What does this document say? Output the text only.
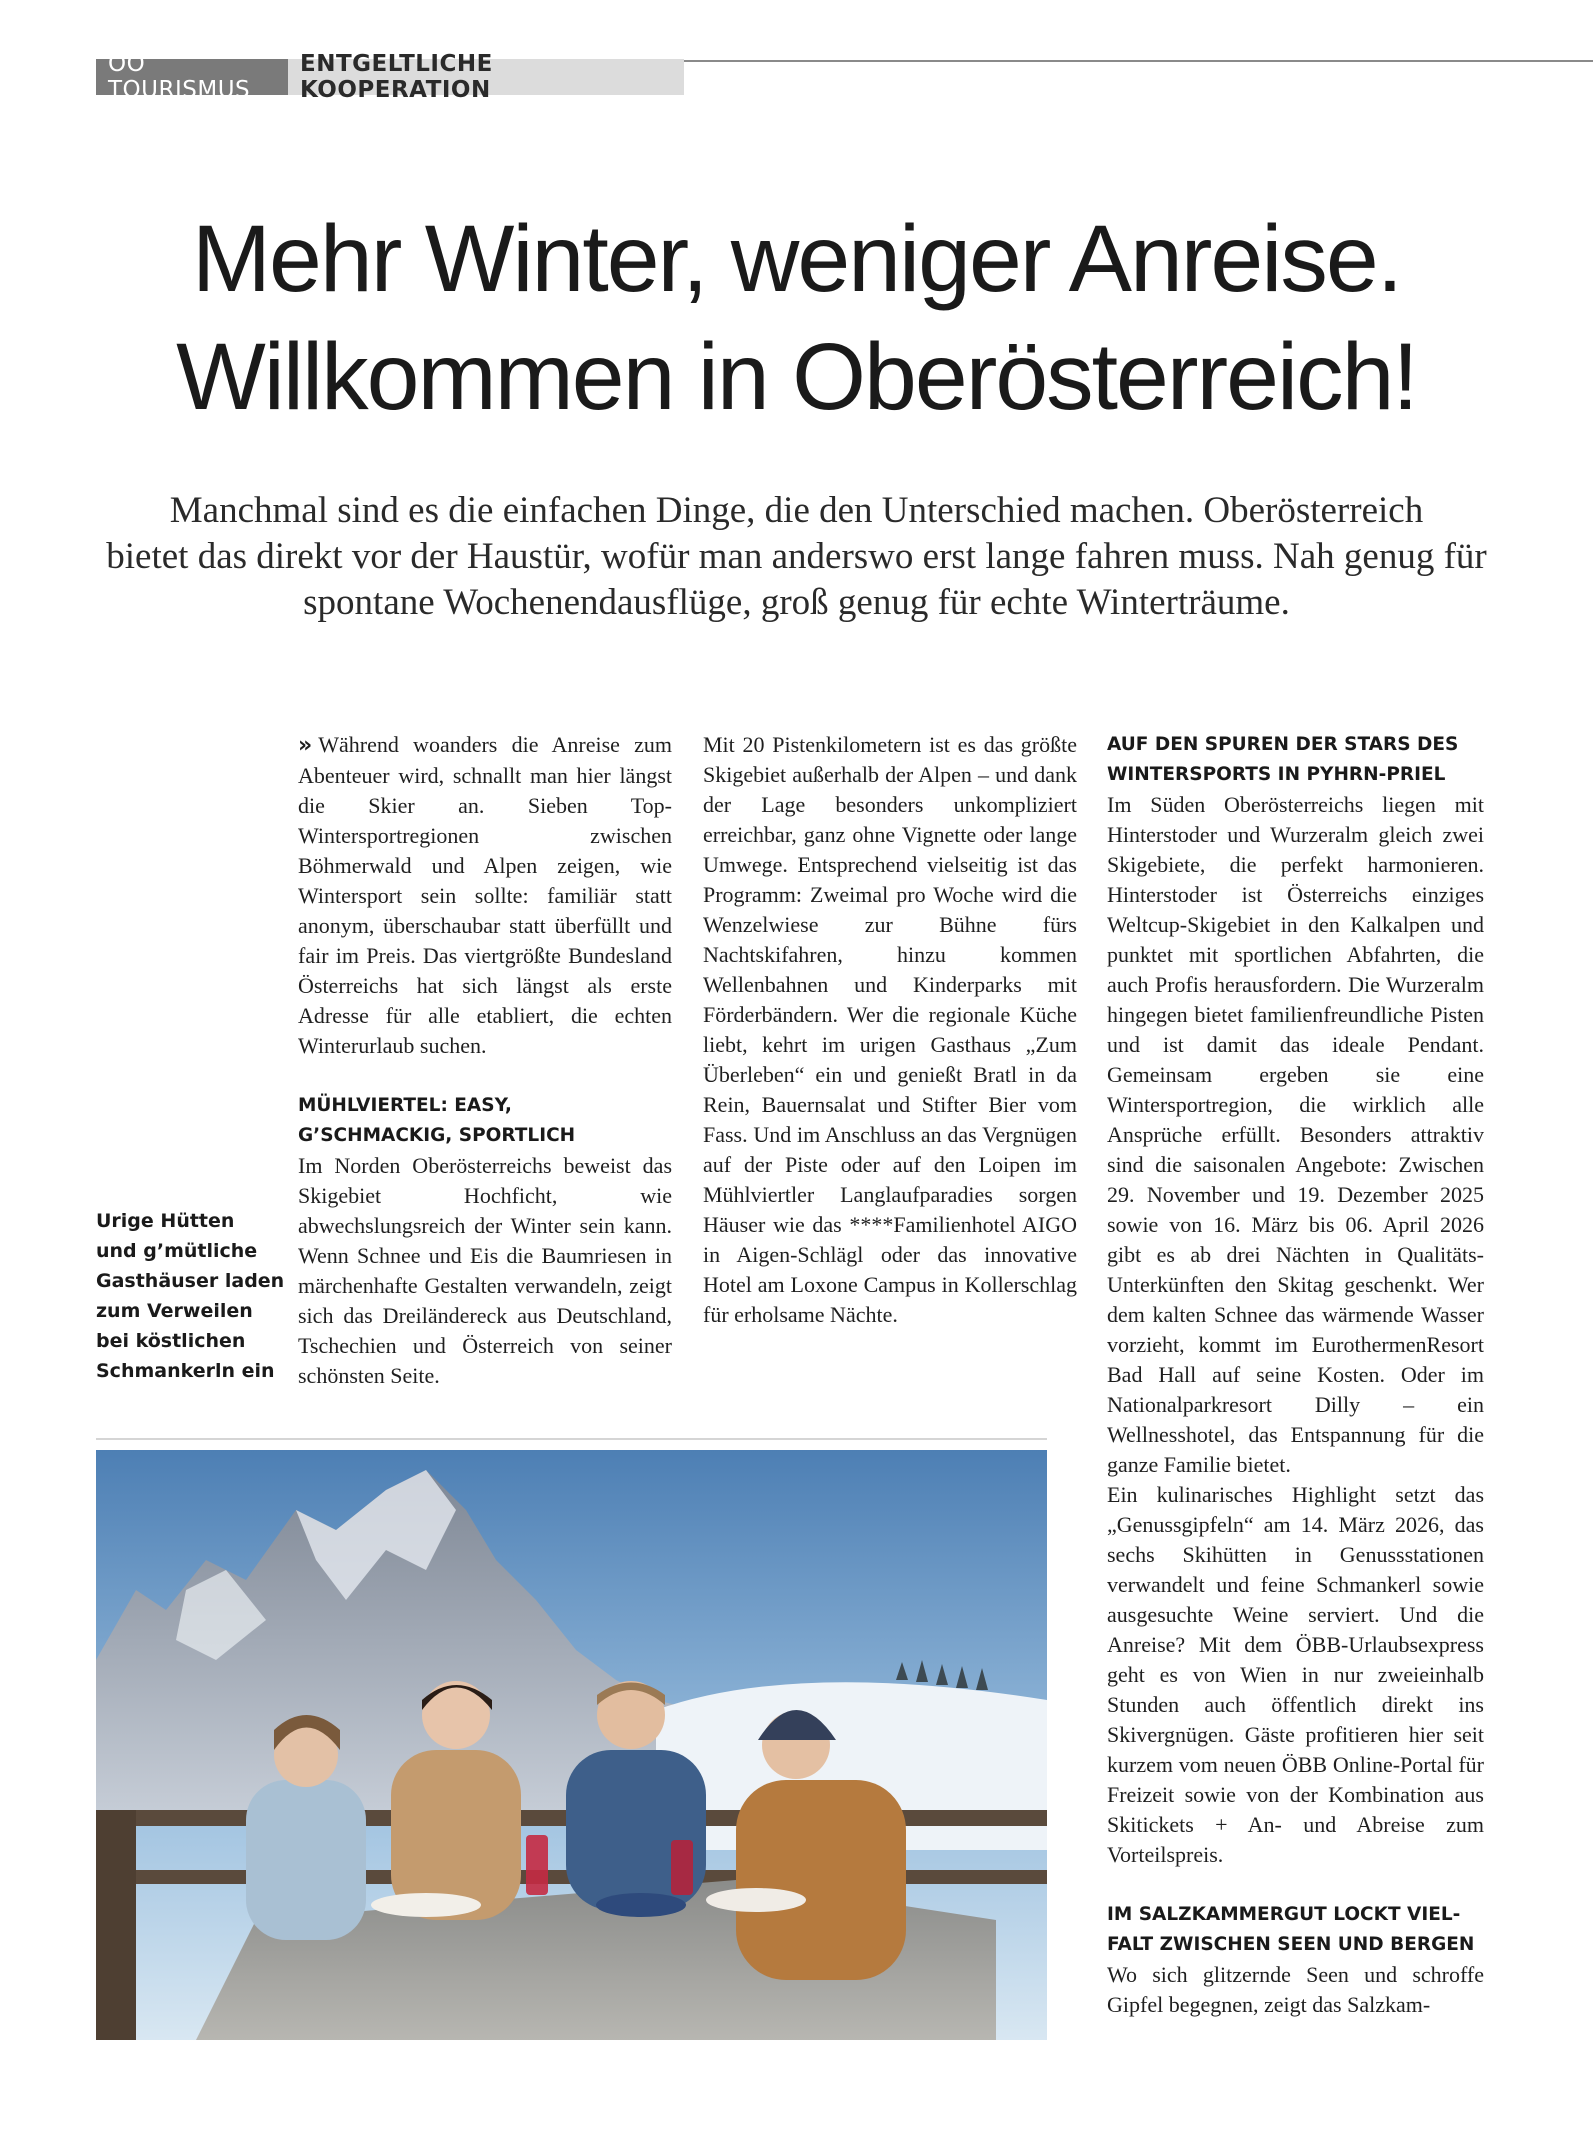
OÖ TOURISMUS
ENTGELTLICHE KOOPERATION
Mehr Winter, weniger Anreise.
Willkommen in Oberösterreich!
Manchmal sind es die einfachen Dinge, die den Unterschied machen. Oberösterreich
bietet das direkt vor der Haustür, wofür man anderswo erst lange fahren muss. Nah genug für
spontane Wochenendausflüge, groß genug für echte Winterträume.

» Während woanders die Anreise zum Abenteuer wird, schnallt man hier längst die Skier an. Sieben Top-Wintersportregionen zwischen Böhmerwald und Alpen zeigen, wie Wintersport sein sollte: familiär statt anonym, überschaubar statt überfüllt und fair im Preis. Das viertgrößte Bundesland Österreichs hat sich längst als erste Adresse für alle etabliert, die echten Winterurlaub suchen.

MÜHLVIERTEL: EASY,
G’SCHMACKIG, SPORTLICH

Im Norden Oberösterreichs beweist das Skigebiet Hochficht, wie abwechslungsreich der Winter sein kann. Wenn Schnee und Eis die Baumriesen in märchenhafte Gestalten verwandeln, zeigt sich das Dreiländereck aus Deutschland, Tschechien und Österreich von seiner schönsten Seite.

Mit 20 Pistenkilometern ist es das größte Skigebiet außerhalb der Alpen – und dank der Lage besonders unkompliziert erreichbar, ganz ohne Vignette oder lange Umwege. Entsprechend vielseitig ist das Programm: Zweimal pro Woche wird die Wenzelwiese zur Bühne fürs Nachtskifahren, hinzu kommen Wellenbahnen und Kinderparks mit Förderbändern. Wer die regionale Küche liebt, kehrt im urigen Gasthaus „Zum Überleben“ ein und genießt Bratl in da Rein, Bauernsalat und Stifter Bier vom Fass. Und im Anschluss an das Vergnügen auf der Piste oder auf den Loipen im Mühlviertler Langlaufparadies sorgen Häuser wie das ****Familienhotel AIGO in Aigen-Schlägl oder das innovative Hotel am Loxone Campus in Kollerschlag für erholsame Nächte.

AUF DEN SPUREN DER STARS DES
WINTERSPORTS IN PYHRN-PRIEL

Im Süden Oberösterreichs liegen mit Hinterstoder und Wurzeralm gleich zwei Skigebiete, die perfekt harmonieren. Hinterstoder ist Österreichs einziges Weltcup-Skigebiet in den Kalkalpen und punktet mit sportlichen Abfahrten, die auch Profis herausfordern. Die Wurzeralm hingegen bietet familienfreundliche Pisten und ist damit das ideale Pendant. Gemeinsam ergeben sie eine Wintersportregion, die wirklich alle Ansprüche erfüllt. Besonders attraktiv sind die saisonalen Angebote: Zwischen 29. November und 19. Dezember 2025 sowie von 16. März bis 06. April 2026 gibt es ab drei Nächten in Qualitäts-Unterkünften den Skitag geschenkt. Wer dem kalten Schnee das wärmende Wasser vorzieht, kommt im EurothermenResort Bad Hall auf seine Kosten. Oder im Nationalparkresort Dilly – ein Wellnesshotel, das Entspannung für die ganze Familie bietet.

Ein kulinarisches Highlight setzt das „Genussgipfeln“ am 14. März 2026, das sechs Skihütten in Genussstationen verwandelt und feine Schmankerl sowie ausgesuchte Weine serviert. Und die Anreise? Mit dem ÖBB-Urlaubsexpress geht es von Wien in nur zweieinhalb Stunden auch öffentlich direkt ins Skivergnügen. Gäste profitieren hier seit kurzem vom neuen ÖBB Online-Portal für Freizeit sowie von der Kombination aus Skitickets + An- und Abreise zum Vorteilspreis.

IM SALZKAMMERGUT LOCKT VIEL-
FALT ZWISCHEN SEEN UND BERGEN

Wo sich glitzernde Seen und schroffe Gipfel begegnen, zeigt das Salzkam-

Urige Hütten
und g’mütliche
Gasthäuser laden
zum Verweilen
bei köstlichen
Schmankerln ein
